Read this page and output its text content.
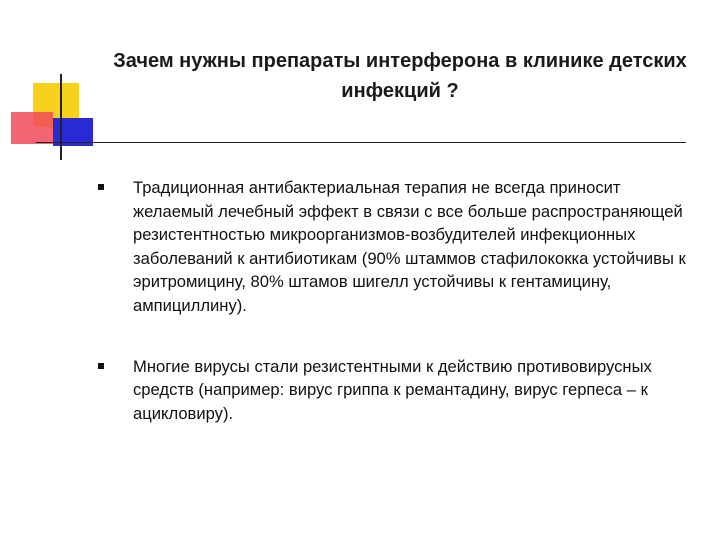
Зачем нужны препараты интерферона в клинике детских инфекций ?
Традиционная антибактериальная терапия не всегда приносит желаемый лечебный эффект в связи с все больше распространяющей резистентностью микроорганизмов-возбудителей инфекционных заболеваний к антибиотикам (90% штаммов стафилококка устойчивы к эритромицину, 80% штамов шигелл устойчивы к гентамицину, ампициллину).
Многие вирусы стали резистентными к действию противовирусных средств (например: вирус гриппа к ремантадину, вирус герпеса – к ацикловиру).
